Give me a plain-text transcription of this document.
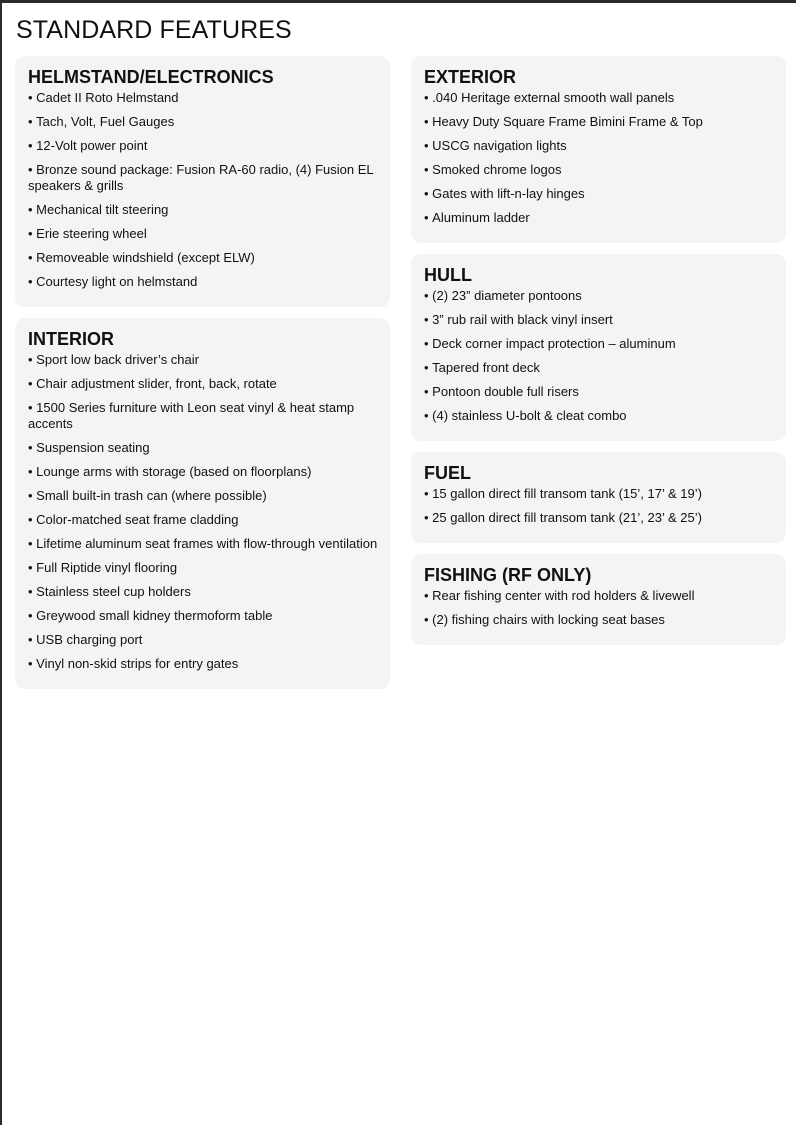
STANDARD FEATURES
HELMSTAND/ELECTRONICS
• Cadet II Roto Helmstand
• Tach, Volt, Fuel Gauges
• 12-Volt power point
• Bronze sound package: Fusion RA-60 radio, (4) Fusion EL speakers & grills
• Mechanical tilt steering
• Erie steering wheel
• Removeable windshield (except ELW)
• Courtesy light on helmstand
INTERIOR
• Sport low back driver’s chair
• Chair adjustment slider, front, back, rotate
• 1500 Series furniture with Leon seat vinyl & heat stamp accents
• Suspension seating
• Lounge arms with storage (based on floorplans)
• Small built-in trash can (where possible)
• Color-matched seat frame cladding
• Lifetime aluminum seat frames with flow-through ventilation
• Full Riptide vinyl flooring
• Stainless steel cup holders
• Greywood small kidney thermoform table
• USB charging port
• Vinyl non-skid strips for entry gates
EXTERIOR
• .040 Heritage external smooth wall panels
• Heavy Duty Square Frame Bimini Frame & Top
• USCG navigation lights
• Smoked chrome logos
• Gates with lift-n-lay hinges
• Aluminum ladder
HULL
• (2) 23” diameter pontoons
• 3” rub rail with black vinyl insert
• Deck corner impact protection – aluminum
• Tapered front deck
• Pontoon double full risers
• (4) stainless U-bolt & cleat combo
FUEL
• 15 gallon direct fill transom tank (15’, 17’ & 19’)
• 25 gallon direct fill transom tank (21’, 23’ & 25’)
FISHING (RF ONLY)
• Rear fishing center with rod holders & livewell
• (2) fishing chairs with locking seat bases
